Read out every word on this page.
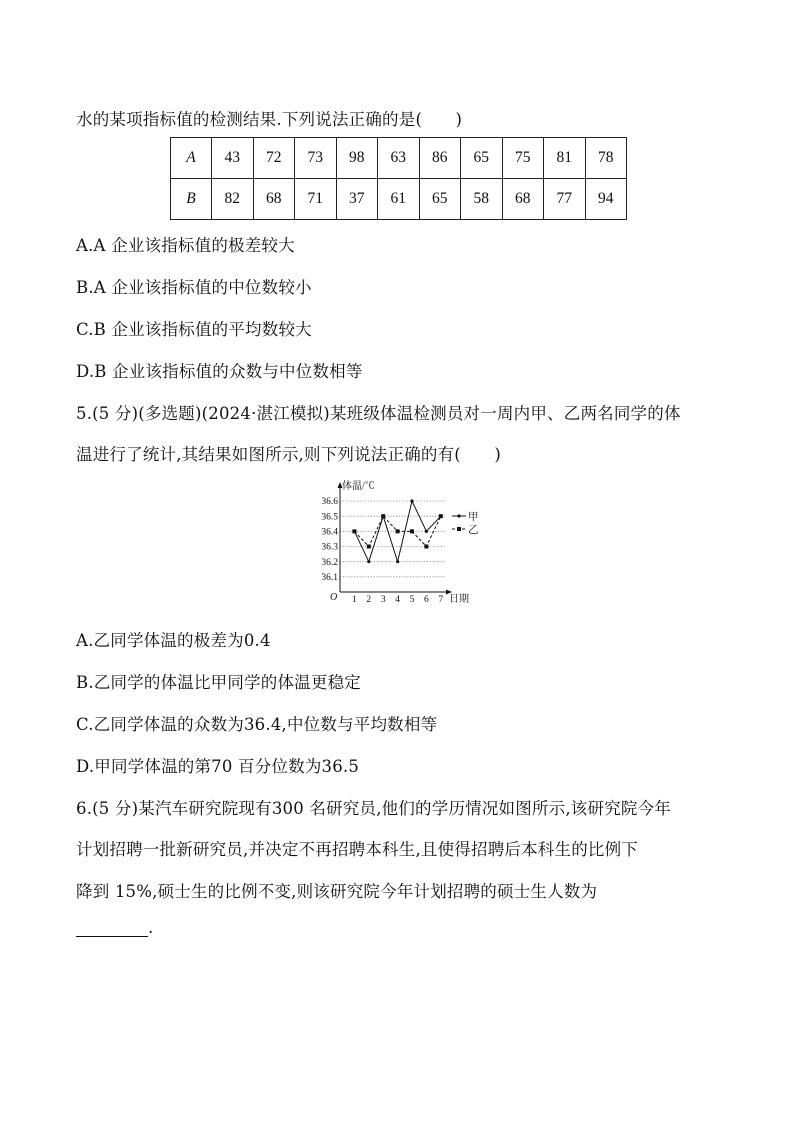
水的某项指标值的检测结果.下列说法正确的是(　　)
A	43	72	73	98	63	86	65	75	81	78
B	82	68	71	37	61	65	58	68	77	94
A.A 企业该指标值的极差较大
B.A 企业该指标值的中位数较小
C.B 企业该指标值的平均数较大
D.B 企业该指标值的众数与中位数相等
5.(5 分)(多选题)(2024·湛江模拟)某班级体温检测员对一周内甲、乙两名同学的体
温进行了统计,其结果如图所示,则下列说法正确的有(　　)
体温/℃
日期
O
36.1
36.2
36.3
36.4
36.5
36.6
1 2 3 4 5 6 7
甲
乙
A.乙同学体温的极差为0.4
B.乙同学的体温比甲同学的体温更稳定
C.乙同学体温的众数为36.4,中位数与平均数相等
D.甲同学体温的第70 百分位数为36.5
6.(5 分)某汽车研究院现有300 名研究员,他们的学历情况如图所示,该研究院今年
计划招聘一批新研究员,并决定不再招聘本科生,且使得招聘后本科生的比例下
降到 15%,硕士生的比例不变,则该研究院今年计划招聘的硕士生人数为
.
